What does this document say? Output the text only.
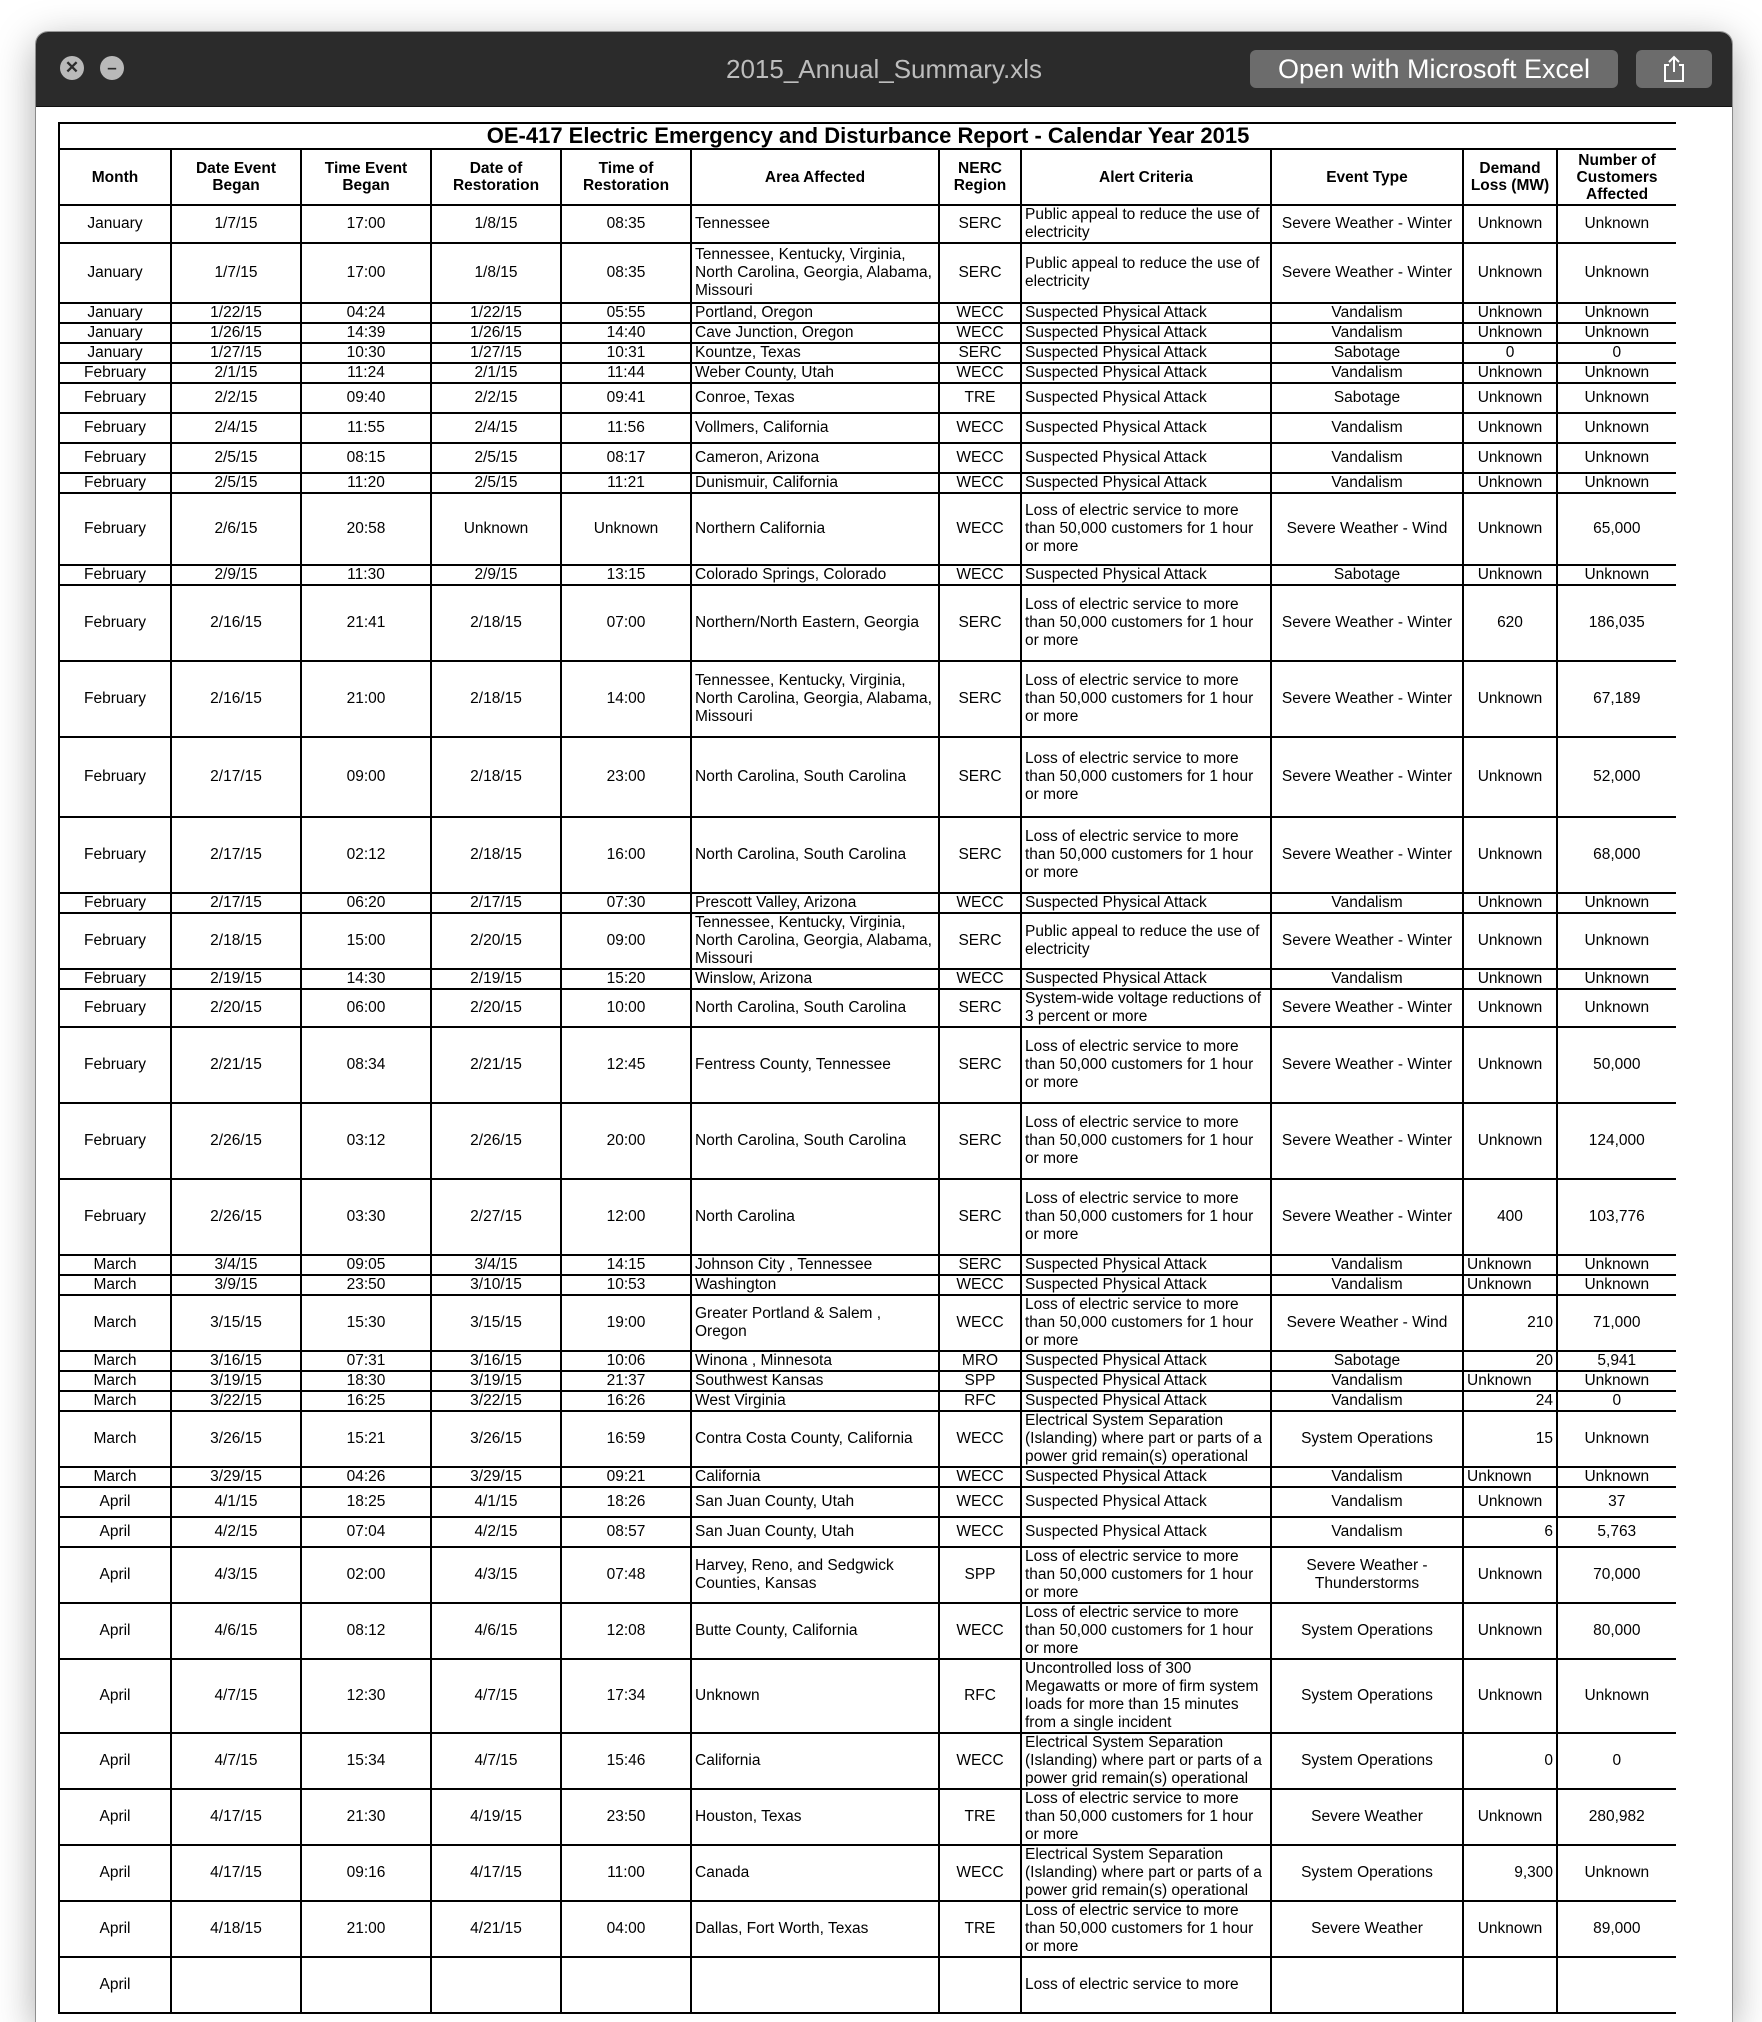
✕	–	2015_Annual_Summary.xls	Open with Microsoft Excel
OE-417 Electric Emergency and Disturbance Report - Calendar Year 2015										
Month	Date Event Began	Time Event Began	Date of Restoration	Time of Restoration	Area Affected	NERC Region	Alert Criteria	Event Type	Demand Loss (MW)	Number of Customers Affected
January	1/7/15	17:00	1/8/15	08:35	Tennessee	SERC	Public appeal to reduce the use of electricity	Severe Weather - Winter	Unknown	Unknown
January	1/7/15	17:00	1/8/15	08:35	Tennessee, Kentucky, Virginia, North Carolina, Georgia, Alabama, Missouri	SERC	Public appeal to reduce the use of electricity	Severe Weather - Winter	Unknown	Unknown
January	1/22/15	04:24	1/22/15	05:55	Portland, Oregon	WECC	Suspected Physical Attack	Vandalism	Unknown	Unknown
January	1/26/15	14:39	1/26/15	14:40	Cave Junction, Oregon	WECC	Suspected Physical Attack	Vandalism	Unknown	Unknown
January	1/27/15	10:30	1/27/15	10:31	Kountze, Texas	SERC	Suspected Physical Attack	Sabotage	0	0
February	2/1/15	11:24	2/1/15	11:44	Weber County, Utah	WECC	Suspected Physical Attack	Vandalism	Unknown	Unknown
February	2/2/15	09:40	2/2/15	09:41	Conroe, Texas	TRE	Suspected Physical Attack	Sabotage	Unknown	Unknown
February	2/4/15	11:55	2/4/15	11:56	Vollmers, California	WECC	Suspected Physical Attack	Vandalism	Unknown	Unknown
February	2/5/15	08:15	2/5/15	08:17	Cameron, Arizona	WECC	Suspected Physical Attack	Vandalism	Unknown	Unknown
February	2/5/15	11:20	2/5/15	11:21	Dunismuir, California	WECC	Suspected Physical Attack	Vandalism	Unknown	Unknown
February	2/6/15	20:58	Unknown	Unknown	Northern California	WECC	Loss of electric service to more than 50,000 customers for 1 hour or more	Severe Weather - Wind	Unknown	65,000
February	2/9/15	11:30	2/9/15	13:15	Colorado Springs, Colorado	WECC	Suspected Physical Attack	Sabotage	Unknown	Unknown
February	2/16/15	21:41	2/18/15	07:00	Northern/North Eastern, Georgia	SERC	Loss of electric service to more than 50,000 customers for 1 hour or more	Severe Weather - Winter	620	186,035
February	2/16/15	21:00	2/18/15	14:00	Tennessee, Kentucky, Virginia, North Carolina, Georgia, Alabama, Missouri	SERC	Loss of electric service to more than 50,000 customers for 1 hour or more	Severe Weather - Winter	Unknown	67,189
February	2/17/15	09:00	2/18/15	23:00	North Carolina, South Carolina	SERC	Loss of electric service to more than 50,000 customers for 1 hour or more	Severe Weather - Winter	Unknown	52,000
February	2/17/15	02:12	2/18/15	16:00	North Carolina, South Carolina	SERC	Loss of electric service to more than 50,000 customers for 1 hour or more	Severe Weather - Winter	Unknown	68,000
February	2/17/15	06:20	2/17/15	07:30	Prescott Valley, Arizona	WECC	Suspected Physical Attack	Vandalism	Unknown	Unknown
February	2/18/15	15:00	2/20/15	09:00	Tennessee, Kentucky, Virginia, North Carolina, Georgia, Alabama, Missouri	SERC	Public appeal to reduce the use of electricity	Severe Weather - Winter	Unknown	Unknown
February	2/19/15	14:30	2/19/15	15:20	Winslow, Arizona	WECC	Suspected Physical Attack	Vandalism	Unknown	Unknown
February	2/20/15	06:00	2/20/15	10:00	North Carolina, South Carolina	SERC	System-wide voltage reductions of 3 percent or more	Severe Weather - Winter	Unknown	Unknown
February	2/21/15	08:34	2/21/15	12:45	Fentress County, Tennessee	SERC	Loss of electric service to more than 50,000 customers for 1 hour or more	Severe Weather - Winter	Unknown	50,000
February	2/26/15	03:12	2/26/15	20:00	North Carolina, South Carolina	SERC	Loss of electric service to more than 50,000 customers for 1 hour or more	Severe Weather - Winter	Unknown	124,000
February	2/26/15	03:30	2/27/15	12:00	North Carolina	SERC	Loss of electric service to more than 50,000 customers for 1 hour or more	Severe Weather - Winter	400	103,776
March	3/4/15	09:05	3/4/15	14:15	Johnson City , Tennessee	SERC	Suspected Physical Attack	Vandalism	Unknown	Unknown
March	3/9/15	23:50	3/10/15	10:53	Washington	WECC	Suspected Physical Attack	Vandalism	Unknown	Unknown
March	3/15/15	15:30	3/15/15	19:00	Greater Portland & Salem , Oregon	WECC	Loss of electric service to more than 50,000 customers for 1 hour or more	Severe Weather - Wind	210	71,000
March	3/16/15	07:31	3/16/15	10:06	Winona , Minnesota	MRO	Suspected Physical Attack	Sabotage	20	5,941
March	3/19/15	18:30	3/19/15	21:37	Southwest Kansas	SPP	Suspected Physical Attack	Vandalism	Unknown	Unknown
March	3/22/15	16:25	3/22/15	16:26	West Virginia	RFC	Suspected Physical Attack	Vandalism	24	0
March	3/26/15	15:21	3/26/15	16:59	Contra Costa County, California	WECC	Electrical System Separation (Islanding) where part or parts of a power grid remain(s) operational	System Operations	15	Unknown
March	3/29/15	04:26	3/29/15	09:21	California	WECC	Suspected Physical Attack	Vandalism	Unknown	Unknown
April	4/1/15	18:25	4/1/15	18:26	San Juan County, Utah	WECC	Suspected Physical Attack	Vandalism	Unknown	37
April	4/2/15	07:04	4/2/15	08:57	San Juan County, Utah	WECC	Suspected Physical Attack	Vandalism	6	5,763
April	4/3/15	02:00	4/3/15	07:48	Harvey, Reno, and Sedgwick Counties, Kansas	SPP	Loss of electric service to more than 50,000 customers for 1 hour or more	Severe Weather - Thunderstorms	Unknown	70,000
April	4/6/15	08:12	4/6/15	12:08	Butte County, California	WECC	Loss of electric service to more than 50,000 customers for 1 hour or more	System Operations	Unknown	80,000
April	4/7/15	12:30	4/7/15	17:34	Unknown	RFC	Uncontrolled loss of 300 Megawatts or more of firm system loads for more than 15 minutes from a single incident	System Operations	Unknown	Unknown
April	4/7/15	15:34	4/7/15	15:46	California	WECC	Electrical System Separation (Islanding) where part or parts of a power grid remain(s) operational	System Operations	0	0
April	4/17/15	21:30	4/19/15	23:50	Houston, Texas	TRE	Loss of electric service to more than 50,000 customers for 1 hour or more	Severe Weather	Unknown	280,982
April	4/17/15	09:16	4/17/15	11:00	Canada	WECC	Electrical System Separation (Islanding) where part or parts of a power grid remain(s) operational	System Operations	9,300	Unknown
April	4/18/15	21:00	4/21/15	04:00	Dallas, Fort Worth, Texas	TRE	Loss of electric service to more than 50,000 customers for 1 hour or more	Severe Weather	Unknown	89,000
April							Loss of electric service to more			
